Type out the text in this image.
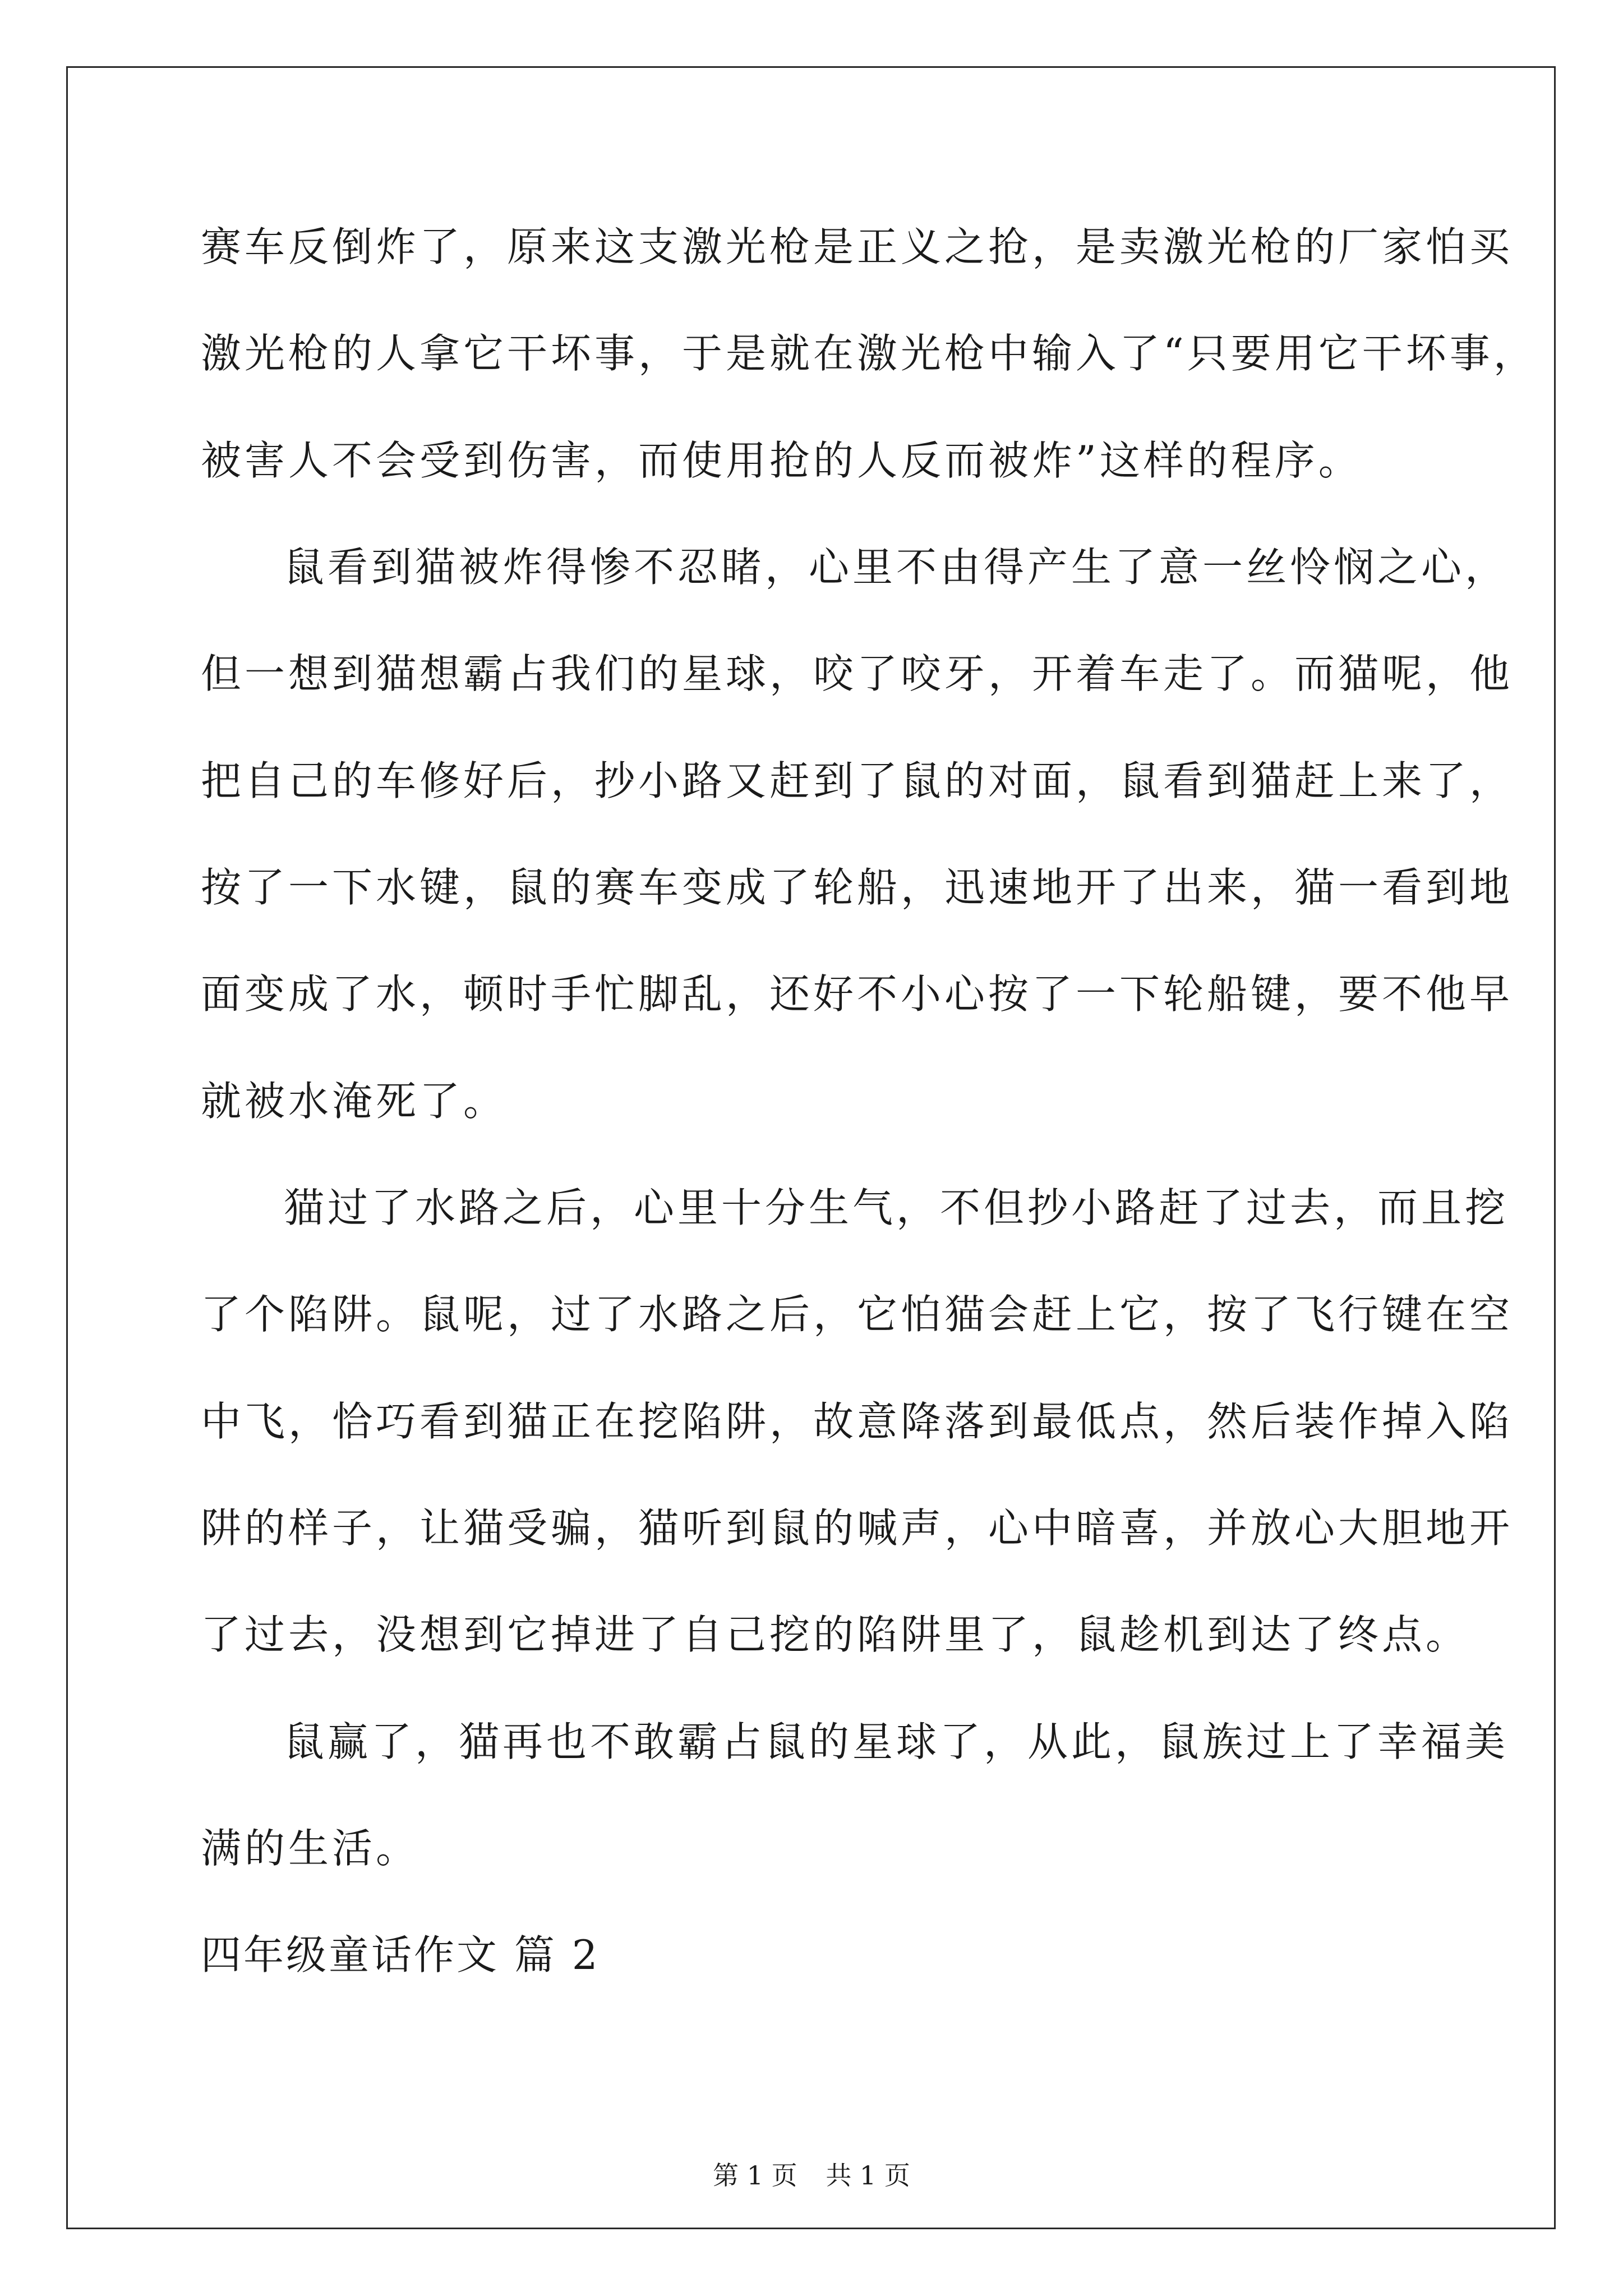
赛车反倒炸了，原来这支激光枪是正义之抢，是卖激光枪的厂家怕买
激光枪的人拿它干坏事，于是就在激光枪中输入了“只要用它干坏事，
被害人不会受到伤害，而使用抢的人反而被炸”这样的程序。
鼠看到猫被炸得惨不忍睹，心里不由得产生了意一丝怜悯之心，
但一想到猫想霸占我们的星球，咬了咬牙，开着车走了。而猫呢，他
把自己的车修好后，抄小路又赶到了鼠的对面，鼠看到猫赶上来了，
按了一下水键，鼠的赛车变成了轮船，迅速地开了出来，猫一看到地
面变成了水，顿时手忙脚乱，还好不小心按了一下轮船键，要不他早
就被水淹死了。
猫过了水路之后，心里十分生气，不但抄小路赶了过去，而且挖
了个陷阱。鼠呢，过了水路之后，它怕猫会赶上它，按了飞行键在空
中飞，恰巧看到猫正在挖陷阱，故意降落到最低点，然后装作掉入陷
阱的样子，让猫受骗，猫听到鼠的喊声，心中暗喜，并放心大胆地开
了过去，没想到它掉进了自己挖的陷阱里了，鼠趁机到达了终点。
鼠赢了，猫再也不敢霸占鼠的星球了，从此，鼠族过上了幸福美
满的生活。
四年级童话作文 篇 2
第 1 页 共 1 页
